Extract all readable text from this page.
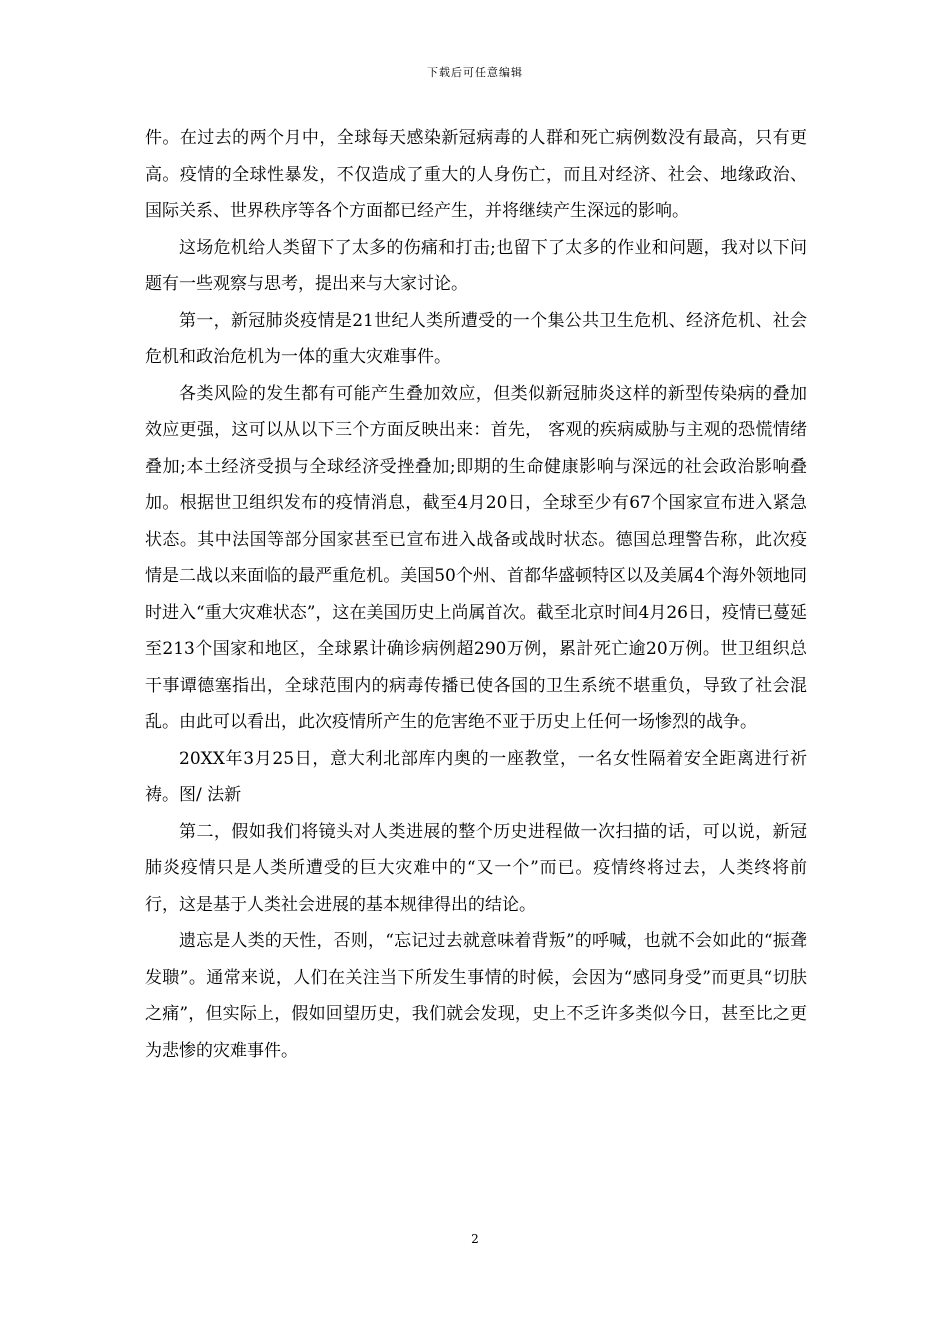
下载后可任意编辑

件。在过去的两个月中，全球每天感染新冠病毒的人群和死亡病例数没有最高，只有更高。疫情的全球性暴发，不仅造成了重大的人身伤亡，而且对经济、社会、地缘政治、国际关系、世界秩序等各个方面都已经产生，并将继续产生深远的影响。

这场危机给人类留下了太多的伤痛和打击;也留下了太多的作业和问题，我对以下问题有一些观察与思考，提出来与大家讨论。

第一，新冠肺炎疫情是21世纪人类所遭受的一个集公共卫生危机、经济危机、社会危机和政治危机为一体的重大灾难事件。

各类风险的发生都有可能产生叠加效应，但类似新冠肺炎这样的新型传染病的叠加效应更强，这可以从以下三个方面反映出来：首先， 客观的疾病威胁与主观的恐慌情绪叠加;本土经济受损与全球经济受挫叠加;即期的生命健康影响与深远的社会政治影响叠加。根据世卫组织发布的疫情消息，截至4月20日，全球至少有67个国家宣布进入紧急状态。其中法国等部分国家甚至已宣布进入战备或战时状态。德国总理警告称，此次疫情是二战以来面临的最严重危机。美国50个州、首都华盛顿特区以及美属4个海外领地同时进入“重大灾难状态”，这在美国历史上尚属首次。截至北京时间4月26日，疫情已蔓延至213个国家和地区，全球累计确诊病例超290万例，累計死亡逾20万例。世卫组织总干事谭德塞指出，全球范围内的病毒传播已使各国的卫生系统不堪重负，导致了社会混乱。由此可以看出，此次疫情所产生的危害绝不亚于历史上任何一场惨烈的战争。

20XX年3月25日，意大利北部库内奥的一座教堂，一名女性隔着安全距离进行祈祷。图/ 法新

第二，假如我们将镜头对人类进展的整个历史进程做一次扫描的话，可以说，新冠肺炎疫情只是人类所遭受的巨大灾难中的“又一个”而已。疫情终将过去，人类终将前行，这是基于人类社会进展的基本规律得出的结论。

遗忘是人类的天性，否则，“忘记过去就意味着背叛”的呼喊，也就不会如此的“振聋发聩”。通常来说，人们在关注当下所发生事情的时候，会因为“感同身受”而更具“切肤之痛”，但实际上，假如回望历史，我们就会发现，史上不乏许多类似今日，甚至比之更为悲惨的灾难事件。

2
